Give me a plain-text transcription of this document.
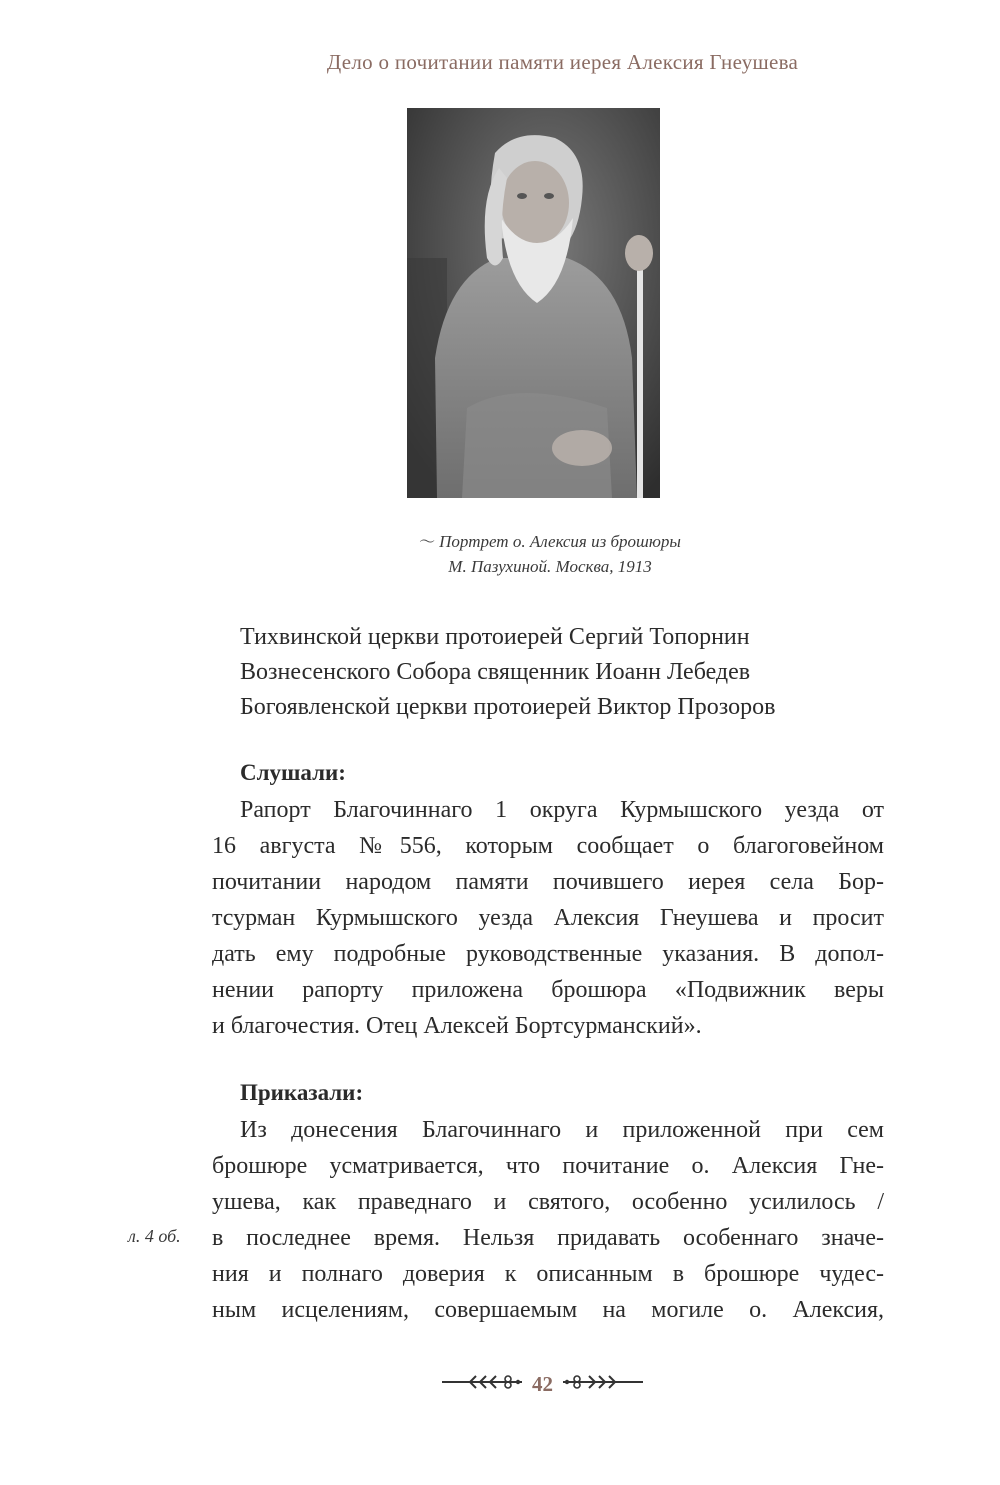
Дело о почитании памяти иерея Алексия Гнеушева
〜 Портрет о. Алексия из брошюры
М. Пазухиной. Москва, 1913
Тихвинской церкви протоиерей Сергий Топорнин
Вознесенского Собора священник Иоанн Лебедев
Богоявленской церкви протоиерей Виктор Прозоров
Слушали:
Рапорт Благочиннаго 1 округа Курмышского уезда от
16 августа №556, которым сообщает о благоговейном
почитании народом памяти почившего иерея села Бор-
тсурман Курмышского уезда Алексия Гнеушева и просит
дать ему подробные руководственные указания. В допол-
нении рапорту приложена брошюра «Подвижник веры
и благочестия. Отец Алексей Бортсурманский».
Приказали:
Из донесения Благочиннаго и приложенной при сем
брошюре усматривается, что почитание о. Алексия Гне-
ушева, как праведнаго и святого, особенно усилилось /
в последнее время. Нельзя придавать особеннаго значе-
ния и полнаго доверия к описанным в брошюре чудес-
ным исцелениям, совершаемым на могиле о. Алексия,
л. 4 об.
42
